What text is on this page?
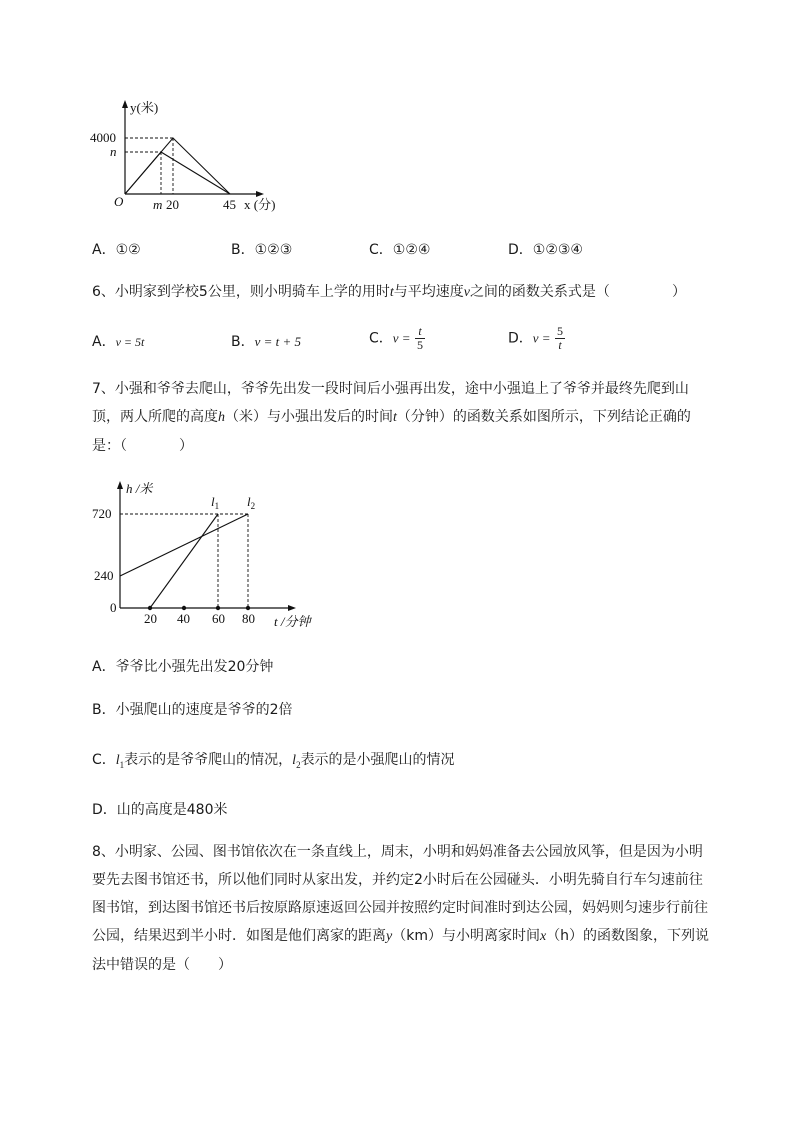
y(米)
4000
n
O m 20	45 x (分)
A．①②	B．①②③	C．①②④	D．①②③④
6、小明家到学校5公里，则小明骑车上学的用时t与平均速度v之间的函数关系式是（	）
A．v = 5t	B．v = t + 5	C．$v = \frac{t}{5}$	D．$v = \frac{5}{t}$
7、小强和爷爷去爬山，爷爷先出发一段时间后小强再出发，途中小强追上了爷爷并最终先爬到山
顶，两人所爬的高度h（米）与小强出发后的时间t（分钟）的函数关系如图所示，下列结论正确的
是：（	）
h /米
720
240
0
20 40 60 80 t /分钟
$l_1$ $l_2$
A．爷爷比小强先出发20分钟
B．小强爬山的速度是爷爷的2倍
C．$l_1$表示的是爷爷爬山的情况，$l_2$表示的是小强爬山的情况
D．山的高度是480米
8、小明家、公园、图书馆依次在一条直线上，周末，小明和妈妈准备去公园放风筝，但是因为小明
要先去图书馆还书，所以他们同时从家出发，并约定2小时后在公园碰头．小明先骑自行车匀速前往
图书馆，到达图书馆还书后按原路原速返回公园并按照约定时间准时到达公园，妈妈则匀速步行前往
公园，结果迟到半小时．如图是他们离家的距离y（km）与小明离家时间x（h）的函数图象，下列说
法中错误的是（　　）
